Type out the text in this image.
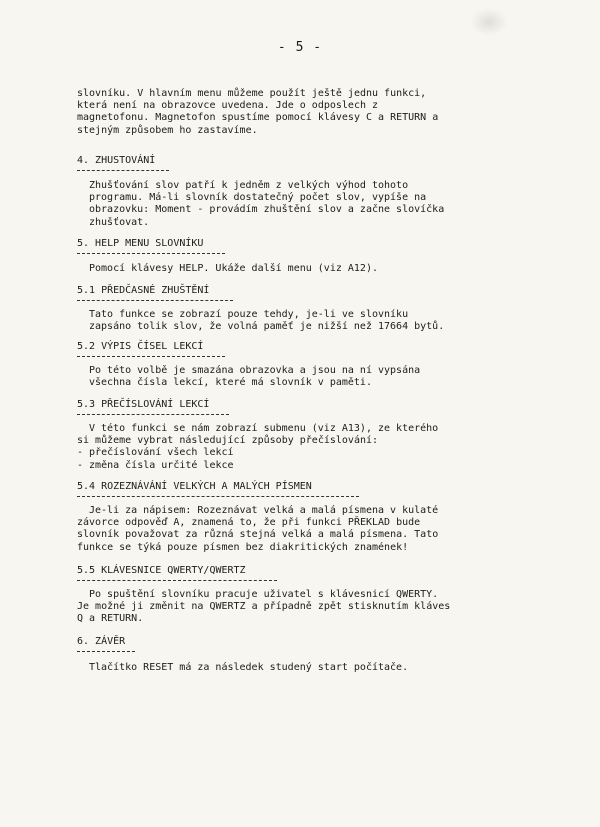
- 5 -

slovníku. V hlavním menu můžeme použít ještě jednu funkci,
která není na obrazovce uvedena. Jde o odposlech z
magnetofonu. Magnetofon spustíme pomocí klávesy C a RETURN a
stejným způsobem ho zastavíme.

4. ZHUSTOVÁNÍ

Zhušťování slov patří k jedněm z velkých výhod tohoto
programu. Má-li slovník dostatečný počet slov, vypíše na
obrazovku: Moment - provádím zhuštění slov a začne slovíčka
zhušťovat.

5. HELP MENU SLOVNÍKU

Pomocí klávesy HELP. Ukáže další menu (viz A12).

5.1 PŘEDČASNÉ ZHUŠTĚNÍ

Tato funkce se zobrazí pouze tehdy, je-li ve slovníku
zapsáno tolik slov, že volná paměť je nižší než 17664 bytů.

5.2 VÝPIS ČÍSEL LEKCÍ

Po této volbě je smazána obrazovka a jsou na ní vypsána
všechna čísla lekcí, které má slovník v paměti.

5.3 PŘEČÍSLOVÁNÍ LEKCÍ

V této funkci se nám zobrazí submenu (viz A13), ze kterého
si můžeme vybrat následující způsoby přečíslování:
- přečíslování všech lekcí
- změna čísla určité lekce

5.4 ROZEZNÁVÁNÍ VELKÝCH A MALÝCH PÍSMEN

Je-li za nápisem: Rozeznávat velká a malá písmena v kulaté
závorce odpověď A, znamená to, že při funkci PŘEKLAD bude
slovník považovat za různá stejná velká a malá písmena. Tato
funkce se týká pouze písmen bez diakritických znamének!

5.5 KLÁVESNICE QWERTY/QWERTZ

Po spuštění slovníku pracuje uživatel s klávesnicí QWERTY.
Je možné ji změnit na QWERTZ a případně zpět stisknutím kláves
Q a RETURN.

6. ZÁVĚR

Tlačítko RESET má za následek studený start počítače.
